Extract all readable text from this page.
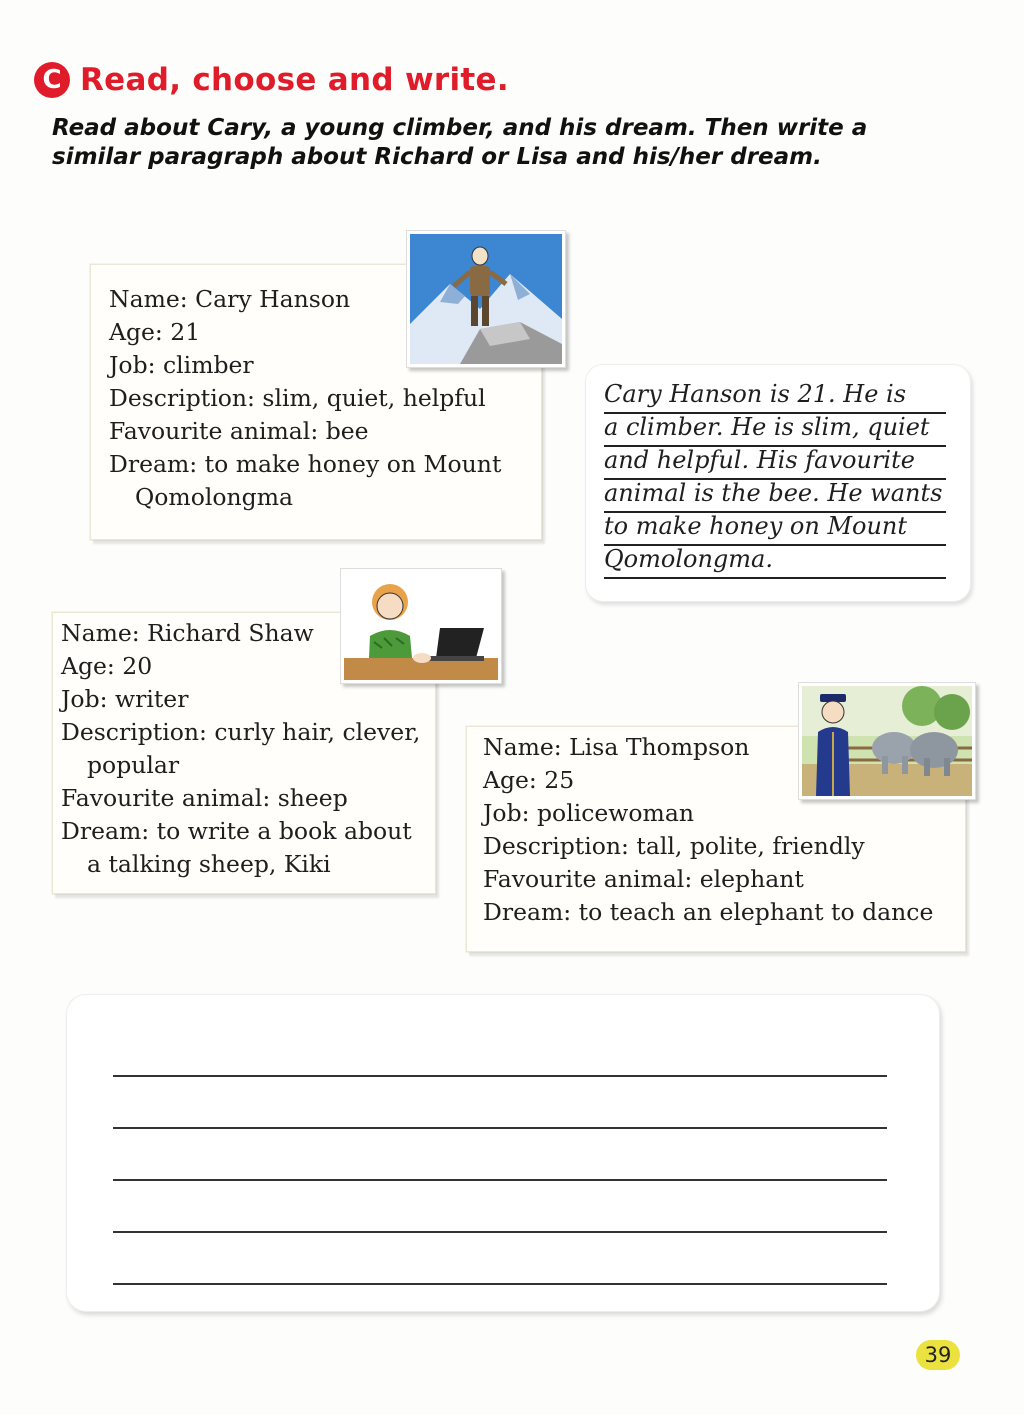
C Read, choose and write.
Read about Cary, a young climber, and his dream. Then write a
similar paragraph about Richard or Lisa and his/her dream.
Name: Cary Hanson
Age: 21
Job: climber
Description: slim, quiet, helpful
Favourite animal: bee
Dream: to make honey on Mount
Qomolongma
Cary Hanson is 21. He is
a climber. He is slim, quiet
and helpful. His favourite
animal is the bee. He wants
to make honey on Mount
Qomolongma.
Name: Richard Shaw
Age: 20
Job: writer
Description: curly hair, clever,
popular
Favourite animal: sheep
Dream: to write a book about
a talking sheep, Kiki
Name: Lisa Thompson
Age: 25
Job: policewoman
Description: tall, polite, friendly
Favourite animal: elephant
Dream: to teach an elephant to dance
39
